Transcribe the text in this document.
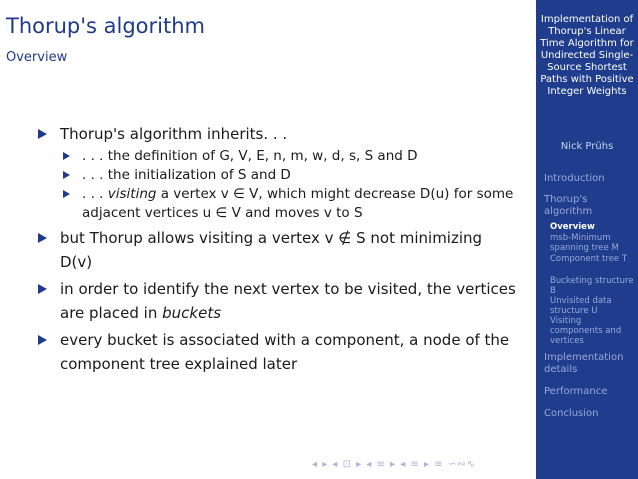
Thorup's algorithm
Overview
Thorup's algorithm inherits. . .
. . . the definition of G, V, E, n, m, w, d, s, S and D
. . . the initialization of S and D
. . . visiting a vertex v ∈ V, which might decrease D(u) for some adjacent vertices u ∈ V and moves v to S
but Thorup allows visiting a vertex v ∉ S not minimizing D(v)
in order to identify the next vertex to be visited, the vertices are placed in buckets
every bucket is associated with a component, a node of the component tree explained later
◂ ▸ ◂ ⊡ ▸ ◂ ≡ ▸ ◂ ≡ ▸ ≡ ∽∾∿
Implementation of Thorup's Linear Time Algorithm for Undirected Single-Source Shortest Paths with Positive Integer Weights
Nick Prühs
Introduction
Thorup's algorithm
Overview
msb-Minimum spanning tree M
Component tree T
Bucketing structure B
Unvisited data structure U
Visiting components and vertices
Implementation details
Performance
Conclusion
